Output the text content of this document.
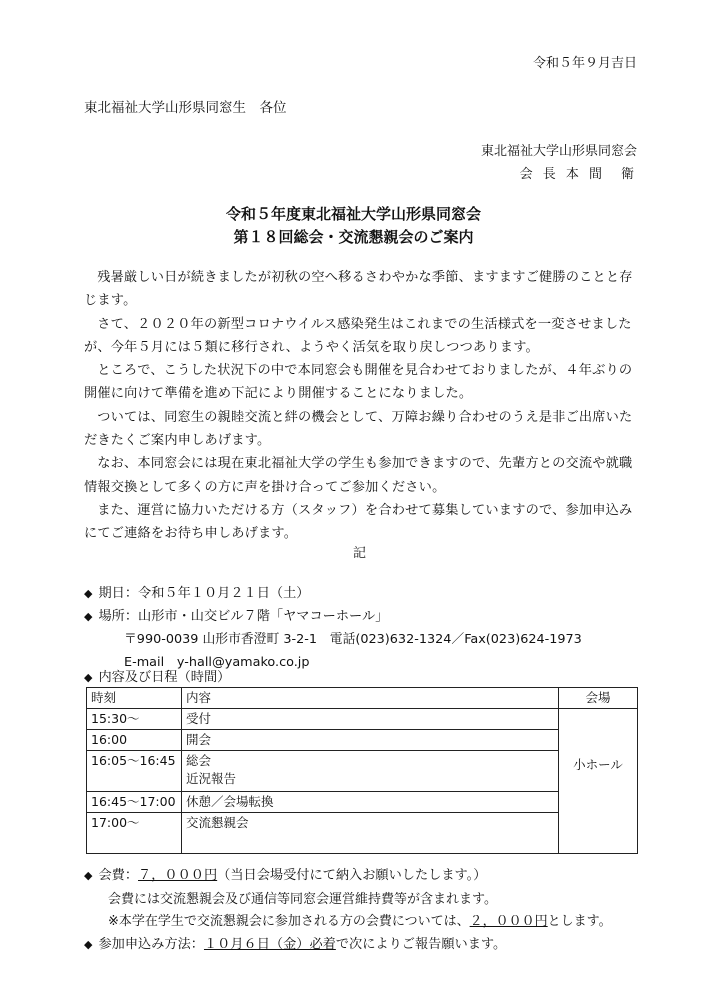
令和５年９月吉日
東北福祉大学山形県同窓生　各位
東北福祉大学山形県同窓会
会 長 本 間　衛
令和５年度東北福祉大学山形県同窓会
第１８回総会・交流懇親会のご案内

残暑厳しい日が続きましたが初秋の空へ移るさわやかな季節、ますますご健勝のことと存じます。

さて、２０２０年の新型コロナウイルス感染発生はこれまでの生活様式を一変させましたが、今年５月には５類に移行され、ようやく活気を取り戻しつつあります。

ところで、こうした状況下の中で本同窓会も開催を見合わせておりましたが、４年ぶりの開催に向けて準備を進め下記により開催することになりました。

ついては、同窓生の親睦交流と絆の機会として、万障お繰り合わせのうえ是非ご出席いただきたくご案内申しあげます。

なお、本同窓会には現在東北福祉大学の学生も参加できますので、先輩方との交流や就職情報交換として多くの方に声を掛け合ってご参加ください。

また、運営に協力いただける方（スタッフ）を合わせて募集していますので、参加申込みにてご連絡をお待ち申しあげます。

記
◆ 期日：令和５年１０月２１日（土）
◆ 場所：山形市・山交ビル７階「ヤマコーホール」
〒990-0039 山形市香澄町 3-2-1　電話(023)632-1324／Fax(023)624-1973
E-mail　y-hall@yamako.co.jp
◆ 内容及び日程（時間）
時刻	内容	会場
15:30～	受付	小ホール
16:00	開会	
16:05～16:45	総会
近況報告	

16:45～17:00	休憩／会場転換	
17:00～	交流懇親会	
◆ 会費：７，０００円（当日会場受付にて納入お願いしたします。）
会費には交流懇親会及び通信等同窓会運営維持費等が含まれます。
※本学在学生で交流懇親会に参加される方の会費については、２，０００円とします。
◆ 参加申込み方法：１０月６日（金）必着で次によりご報告願います。
